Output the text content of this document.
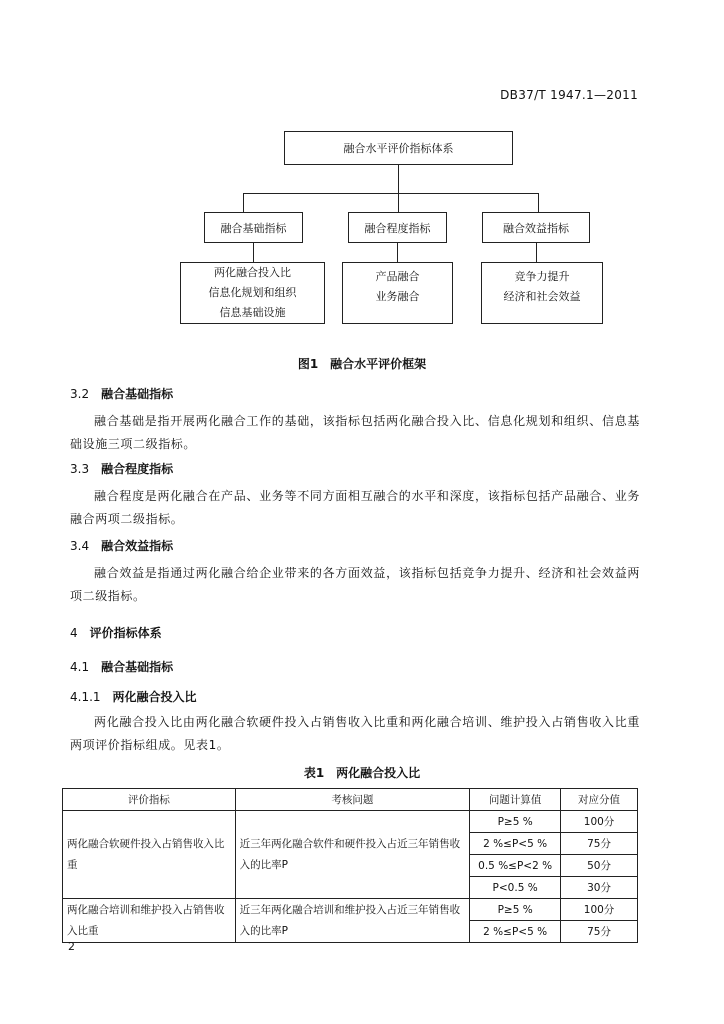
DB37/T 1947.1—2011
融合水平评价指标体系
融合基础指标	融合程度指标	融合效益指标
两化融合投入比
信息化规划和组织
信息基础设施
产品融合
业务融合
竞争力提升
经济和社会效益
图1　融合水平评价框架
3.2 融合基础指标
融合基础是指开展两化融合工作的基础，该指标包括两化融合投入比、信息化规划和组织、信息基础设施三项二级指标。
3.3 融合程度指标
融合程度是两化融合在产品、业务等不同方面相互融合的水平和深度，该指标包括产品融合、业务融合两项二级指标。
3.4 融合效益指标
融合效益是指通过两化融合给企业带来的各方面效益，该指标包括竞争力提升、经济和社会效益两项二级指标。
4 评价指标体系
4.1 融合基础指标
4.1.1 两化融合投入比
两化融合投入比由两化融合软硬件投入占销售收入比重和两化融合培训、维护投入占销售收入比重两项评价指标组成。见表1。
表1　两化融合投入比
评价指标	考核问题	问题计算值	对应分值
两化融合软硬件投入占销售收入比重	近三年两化融合软件和硬件投入占近三年销售收入的比率P	P≥5 %	100分
		2 %≤P<5 %	75分
		0.5 %≤P<2 %	50分
		P<0.5 %	30分
两化融合培训和维护投入占销售收入比重	近三年两化融合培训和维护投入占近三年销售收入的比率P	P≥5 %	100分
		2 %≤P<5 %	75分
2
